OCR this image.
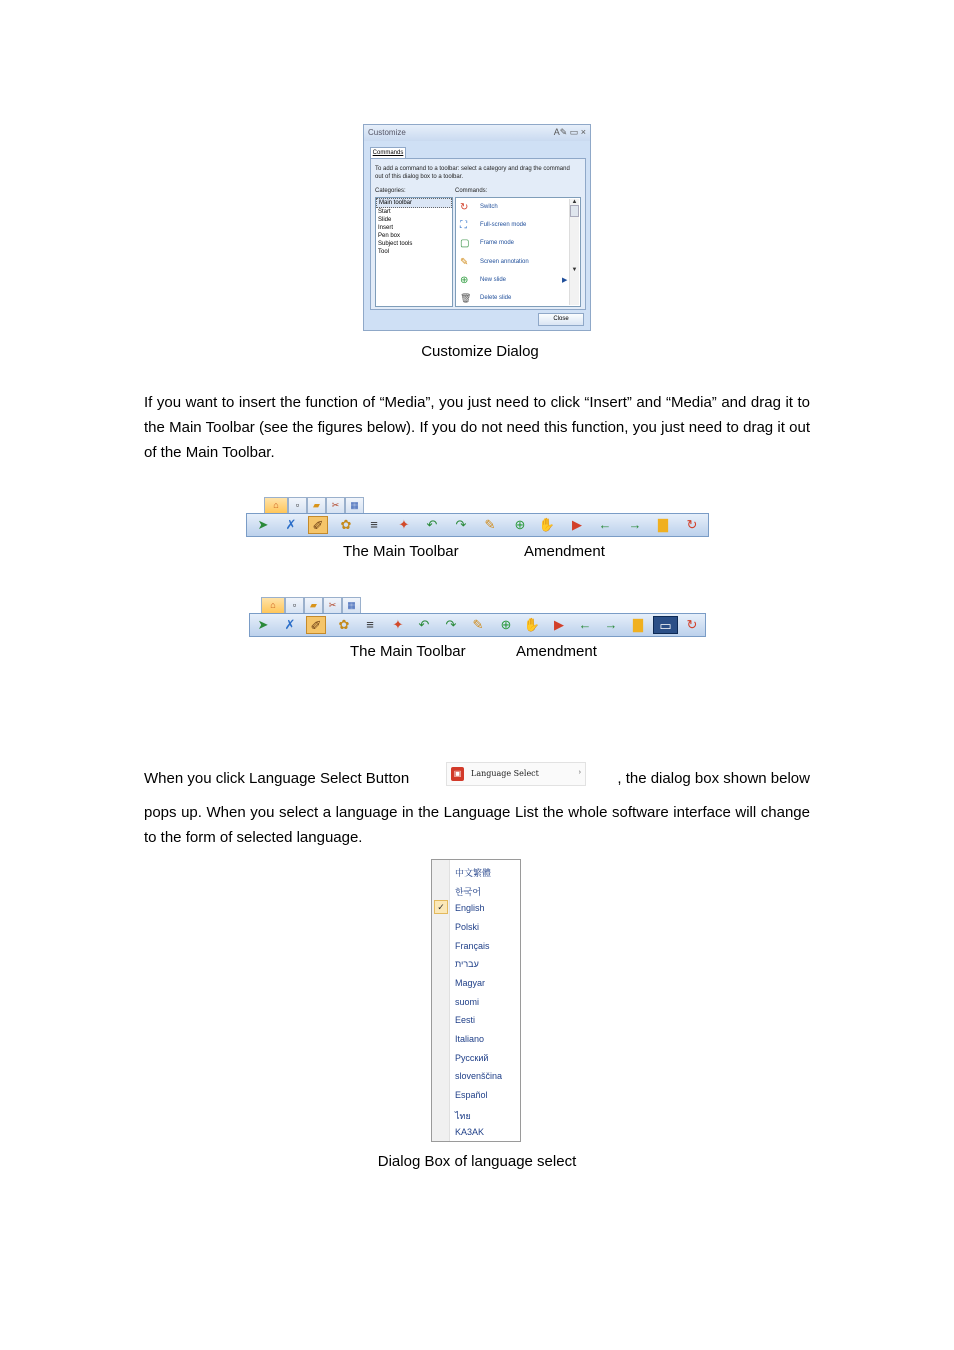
Customize	A✎ ▭ ×
Commands
To add a command to a toolbar: select a category and drag the command out of this dialog box to a toolbar.
Categories:	Commands:
Main toolbar
Start
Slide
Insert
Pen box
Subject tools
Tool
↻ Switch
⛶	Full-screen mode
▢ Frame mode
✎ Screen annotation
⊕ New slide	▶
🗑 Delete slide
▲

▼
Close
Customize Dialog
If you want to insert the function of “Media”, you just need to click “Insert” and “Media” and drag it to the Main Toolbar (see the figures below). If you do not need this function, you just need to drag it out of the Main Toolbar.
⌂	▫	▰	✂	▦
➤	✗	✐	✿	≡	✦	↶	↷	✎	⊕	✋	▶	← →	▇	↻
The Main Toolbar	Amendment
⌂	▫	▰	✂	▦
➤	✗	✐	✿	≡	✦	↶	↷	✎	⊕ ✋	▶	← →	▇	▭	↻
The Main Toolbar	Amendment
When you click Language Select Button	▣	Language Select	›	, the dialog box shown below
pops up. When you select a language in the Language List the whole software interface will change to the form of selected language.
中文繁體
한국어
✓	English
Polski
Français
עברית
Magyar
suomi
Eesti
Italiano
Русский
slovenščina
Español
ไทย
KA3AK
Dialog Box of language select
